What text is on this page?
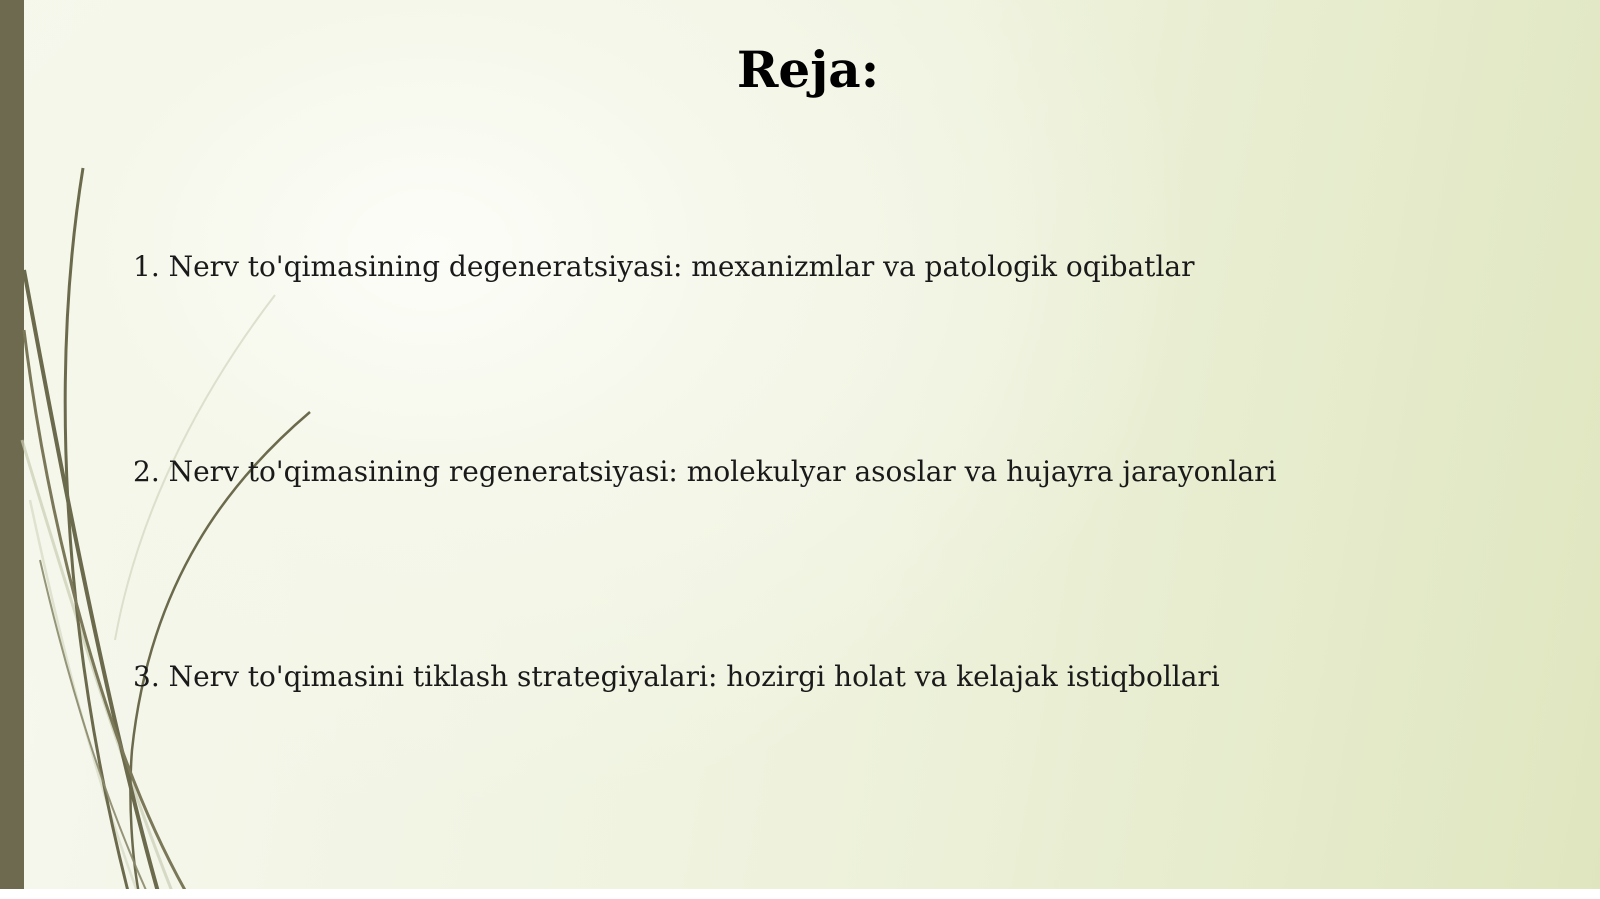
Reja:

1. Nerv to'qimasining degeneratsiyasi: mexanizmlar va patologik oqibatlar

2. Nerv to'qimasining regeneratsiyasi: molekulyar asoslar va hujayra jarayonlari

3. Nerv to'qimasini tiklash strategiyalari: hozirgi holat va kelajak istiqbollari
